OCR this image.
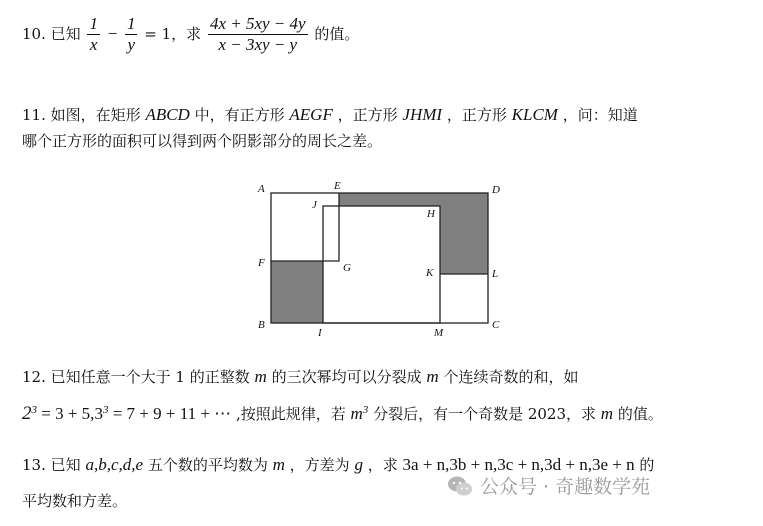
10. 已知 $\frac{1}{x} - \frac{1}{y} = 1$，求 $\frac{4x + 5xy - 4y}{x - 3xy - y}$ 的值。
11. 如图，在矩形 ABCD 中，有正方形 AEGF ，正方形 JHMI ，正方形 KLCM ，问：知道
哪个正方形的面积可以得到两个阴影部分的周长之差。
A	E	D
J
H
F	G	K	L
B
I	M
C
12. 已知任意一个大于 1 的正整数 m 的三次幂均可以分裂成 m 个连续奇数的和，如
$2^3 = 3 + 5,3^3 = 7 + 9 + 11$ + ⋯ ,按照此规律，若 $m^3$ 分裂后，有一个奇数是 2023，求 m 的值。
13. 已知 a,b,c,d,e 五个数的平均数为 m ，方差为 g ，求 3a + n,3b + n,3c + n,3d + n,3e + n 的
平均数和方差。
公众号 · 奇趣数学苑
